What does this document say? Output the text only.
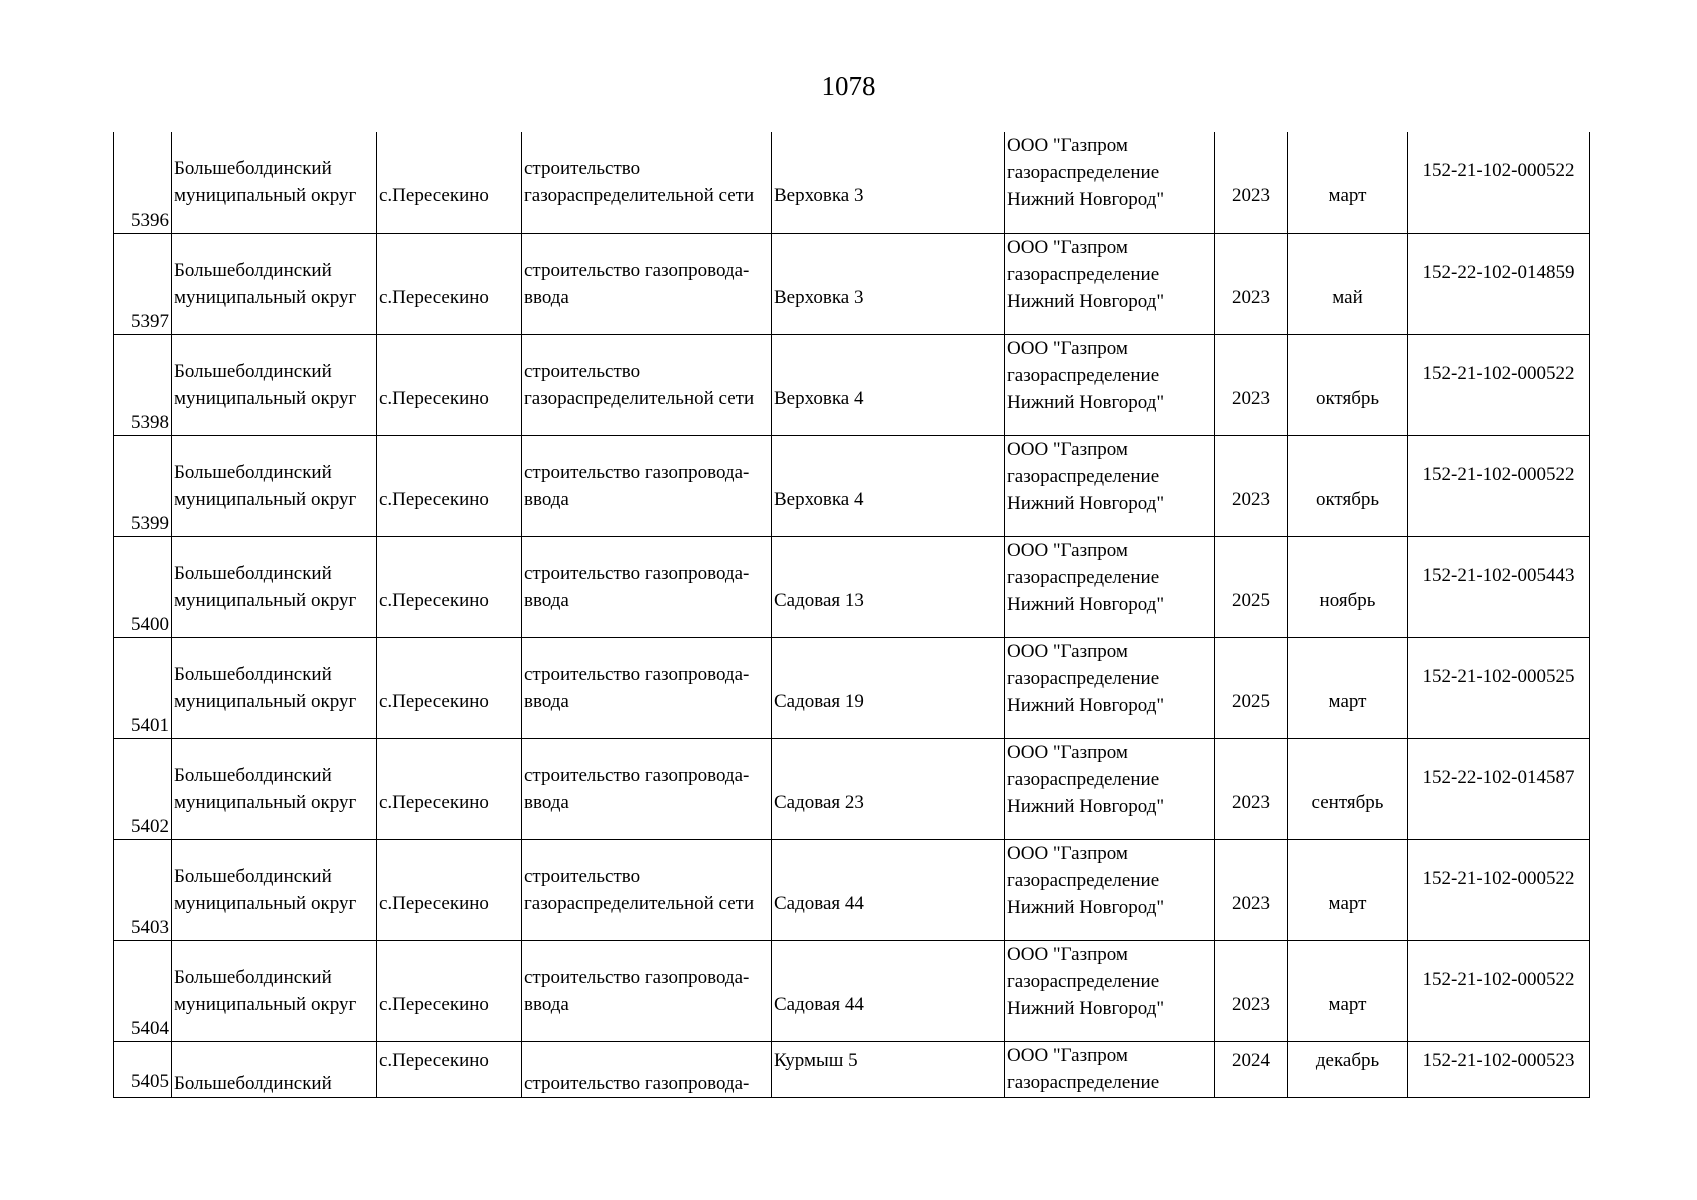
1078
5396	Большеболдинский
муниципальный округ	с.Пересекино	строительство
газораспределительной сети	Верховка 3	ООО "Газпром
газораспределение
Нижний Новгород"	2023	март	152-21-102-000522

5397	Большеболдинский
муниципальный округ	с.Пересекино	строительство газопровода-
ввода	Верховка 3	ООО "Газпром
газораспределение
Нижний Новгород"	2023	май	152-22-102-014859

5398	Большеболдинский
муниципальный округ	с.Пересекино	строительство
газораспределительной сети	Верховка 4	ООО "Газпром
газораспределение
Нижний Новгород"	2023	октябрь	152-21-102-000522

5399	Большеболдинский
муниципальный округ	с.Пересекино	строительство газопровода-
ввода	Верховка 4	ООО "Газпром
газораспределение
Нижний Новгород"	2023	октябрь	152-21-102-000522

5400	Большеболдинский
муниципальный округ	с.Пересекино	строительство газопровода-
ввода	Садовая 13	ООО "Газпром
газораспределение
Нижний Новгород"	2025	ноябрь	152-21-102-005443

5401	Большеболдинский
муниципальный округ	с.Пересекино	строительство газопровода-
ввода	Садовая 19	ООО "Газпром
газораспределение
Нижний Новгород"	2025	март	152-21-102-000525

5402	Большеболдинский
муниципальный округ	с.Пересекино	строительство газопровода-
ввода	Садовая 23	ООО "Газпром
газораспределение
Нижний Новгород"	2023	сентябрь	152-22-102-014587

5403	Большеболдинский
муниципальный округ	с.Пересекино	строительство
газораспределительной сети	Садовая 44	ООО "Газпром
газораспределение
Нижний Новгород"	2023	март	152-21-102-000522

5404	Большеболдинский
муниципальный округ	с.Пересекино	строительство газопровода-
ввода	Садовая 44	ООО "Газпром
газораспределение
Нижний Новгород"	2023	март	152-21-102-000522

5405	Большеболдинский	с.Пересекино	строительство газопровода-	Курмыш 5	ООО "Газпром
газораспределение	2024	декабрь	152-21-102-000523
